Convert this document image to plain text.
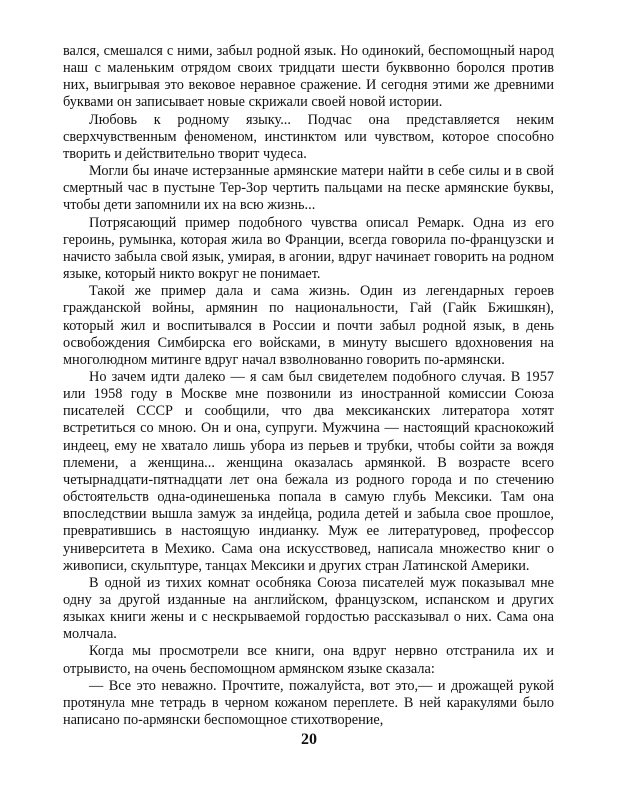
вался, смешался с ними, забыл родной язык. Но одинокий, беспомощный народ наш с маленьким отрядом своих тридцати шести букввонно боролся против них, выигрывая это вековое неравное сражение. И сегодня этими же древними буквами он записывает новые скрижали своей новой истории.

Любовь к родному языку... Подчас она представляется неким сверхчувственным феноменом, инстинктом или чувством, которое способно творить и действительно творит чудеса.

Могли бы иначе истерзанные армянские матери найти в себе силы и в свой смертный час в пустыне Тер-Зор чертить пальцами на песке армянские буквы, чтобы дети запомнили их на всю жизнь...

Потрясающий пример подобного чувства описал Ремарк. Одна из его героинь, румынка, которая жила во Франции, всегда говорила по-французски и начисто забыла свой язык, умирая, в агонии, вдруг начинает говорить на родном языке, который никто вокруг не понимает.

Такой же пример дала и сама жизнь. Один из легендарных героев гражданской войны, армянин по национальности, Гай (Гайк Бжишкян), который жил и воспитывался в России и почти забыл родной язык, в день освобождения Симбирска его войсками, в минуту высшего вдохновения на многолюдном митинге вдруг начал взволнованно говорить по-армянски.

Но зачем идти далеко — я сам был свидетелем подобного случая. В 1957 или 1958 году в Москве мне позвонили из иностранной комиссии Союза писателей СССР и сообщили, что два мексиканских литератора хотят встретиться со мною. Он и она, супруги. Мужчина — настоящий краснокожий индеец, ему не хватало лишь убора из перьев и трубки, чтобы сойти за вождя племени, а женщина... женщина оказалась армянкой. В возрасте всего четырнадцати-пятнадцати лет она бежала из родного города и по стечению обстоятельств одна-одинешенька попала в самую глубь Мексики. Там она впоследствии вышла замуж за индейца, родила детей и забыла свое прошлое, превратившись в настоящую индианку. Муж ее литературовед, профессор университета в Мехико. Сама она искусствовед, написала множество книг о живописи, скульптуре, танцах Мексики и других стран Латинской Америки.

В одной из тихих комнат особняка Союза писателей муж показывал мне одну за другой изданные на английском, французском, испанском и других языках книги жены и с нескрываемой гордостью рассказывал о них. Сама она молчала.

Когда мы просмотрели все книги, она вдруг нервно отстранила их и отрывисто, на очень беспомощном армянском языке сказала:

— Все это неважно. Прочтите, пожалуйста, вот это,— и дрожащей рукой протянула мне тетрадь в черном кожаном переплете. В ней каракулями было написано по-армянски беспомощное стихотворение,

20
